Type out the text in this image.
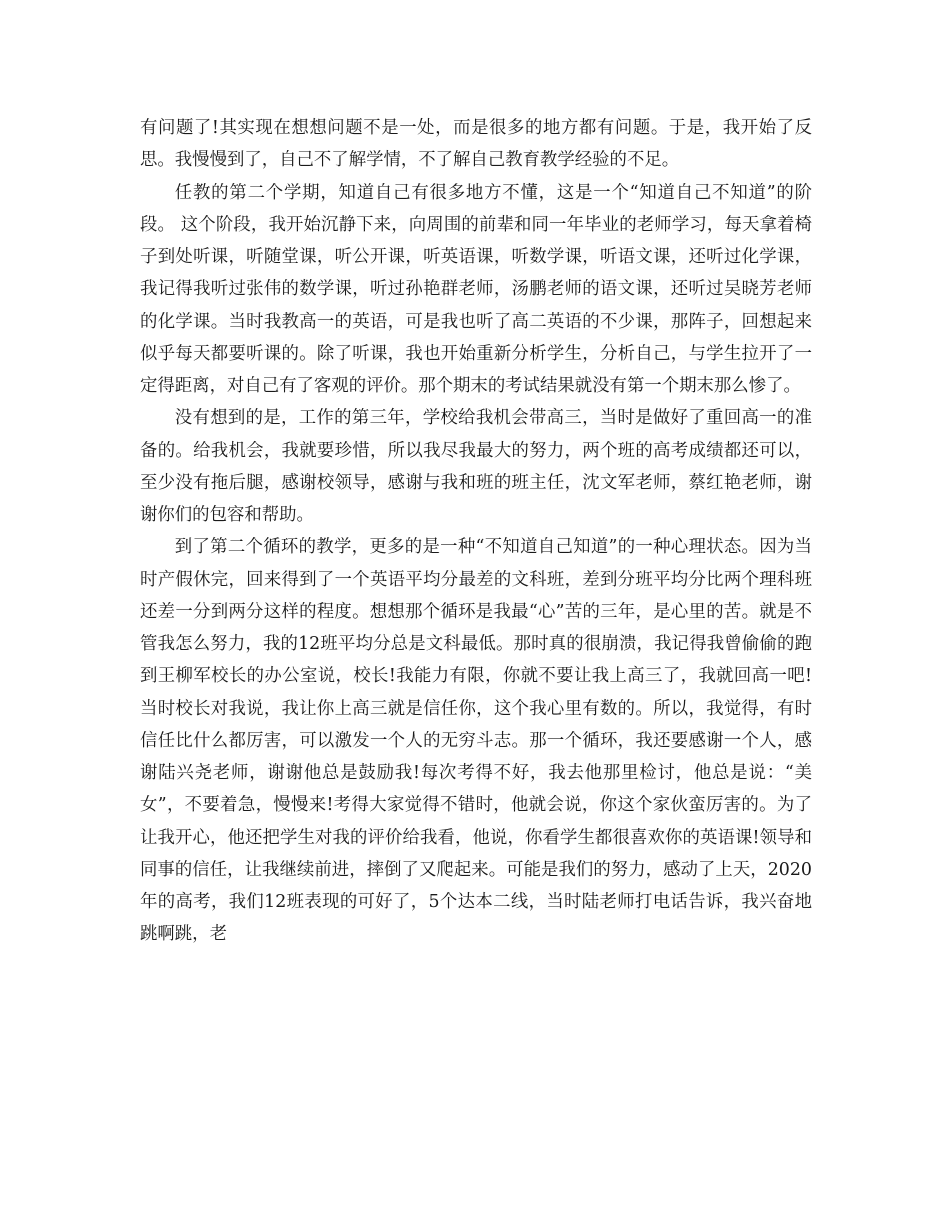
有问题了!其实现在想想问题不是一处，而是很多的地方都有问题。于是，我开始了反思。我慢慢到了，自己不了解学情，不了解自己教育教学经验的不足。

任教的第二个学期，知道自己有很多地方不懂，这是一个“知道自己不知道”的阶段。 这个阶段，我开始沉静下来，向周围的前辈和同一年毕业的老师学习，每天拿着椅子到处听课，听随堂课，听公开课，听英语课，听数学课，听语文课，还听过化学课，我记得我听过张伟的数学课，听过孙艳群老师，汤鹏老师的语文课，还听过吴晓芳老师的化学课。当时我教高一的英语，可是我也听了高二英语的不少课，那阵子，回想起来似乎每天都要听课的。除了听课，我也开始重新分析学生，分析自己，与学生拉开了一定得距离，对自己有了客观的评价。那个期末的考试结果就没有第一个期末那么惨了。

没有想到的是，工作的第三年，学校给我机会带高三，当时是做好了重回高一的准备的。给我机会，我就要珍惜，所以我尽我最大的努力，两个班的高考成绩都还可以，至少没有拖后腿，感谢校领导，感谢与我和班的班主任，沈文军老师，蔡红艳老师，谢谢你们的包容和帮助。

到了第二个循环的教学，更多的是一种“不知道自己知道”的一种心理状态。因为当时产假休完，回来得到了一个英语平均分最差的文科班，差到分班平均分比两个理科班还差一分到两分这样的程度。想想那个循环是我最“心”苦的三年，是心里的苦。就是不管我怎么努力，我的12班平均分总是文科最低。那时真的很崩溃，我记得我曾偷偷的跑到王柳军校长的办公室说，校长!我能力有限，你就不要让我上高三了，我就回高一吧!当时校长对我说，我让你上高三就是信任你，这个我心里有数的。所以，我觉得，有时信任比什么都厉害，可以激发一个人的无穷斗志。那一个循环，我还要感谢一个人，感谢陆兴尧老师，谢谢他总是鼓励我!每次考得不好，我去他那里检讨，他总是说：“美女”，不要着急，慢慢来!考得大家觉得不错时，他就会说，你这个家伙蛮厉害的。为了让我开心，他还把学生对我的评价给我看，他说，你看学生都很喜欢你的英语课!领导和同事的信任，让我继续前进，摔倒了又爬起来。可能是我们的努力，感动了上天，2020年的高考，我们12班表现的可好了，5个达本二线，当时陆老师打电话告诉，我兴奋地跳啊跳，老
